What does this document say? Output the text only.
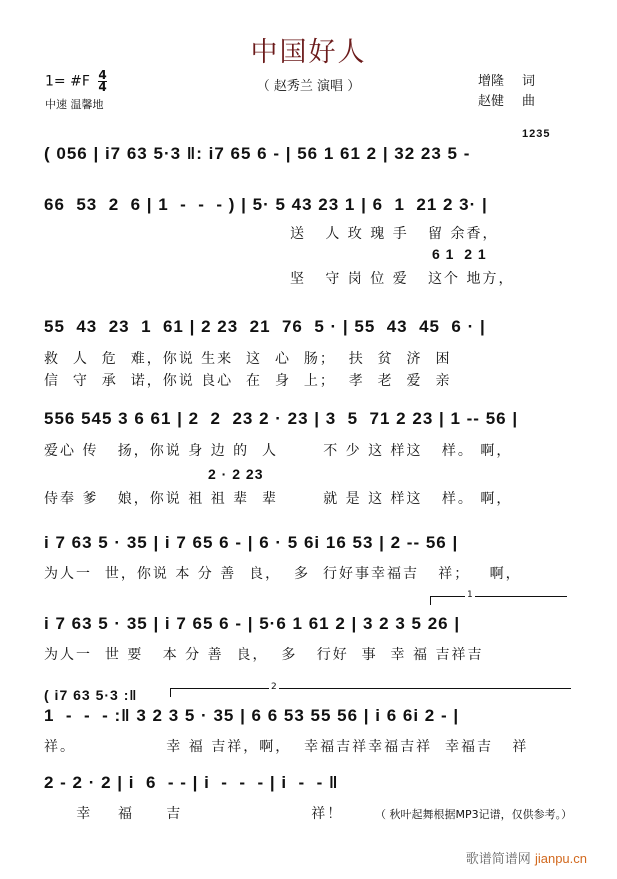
中国好人
1= #F $\frac{4}{4}$
中速 温馨地
（ 赵秀兰 演唱 ）	增隆 词
赵健 曲
( 056 | i7 63 5·3 ‖: i7 65 6 - | 56 1 61 2 | 32 23 5 -
1235
66  53  2  6 | 1  -  -  - ) | 5· 5 43 23 1 | 6  1  21 2 3· |
送   人 玫 瑰 手   留 余香，
6 1  2 1
坚   守 岗 位 爱   这个 地方，
55  43  23  1  61 | 2 23  21  76  5 · | 55  43  45  6 · |
救  人  危  难，你说 生来  这  心  肠；  扶  贫  济  困
信  守  承  诺，你说 良心  在  身  上；  孝  老  爱  亲
556 545 3 6 61 | 2  2  23 2 · 23 | 3  5  71 2 23 | 1 -- 56 |
爱心 传   扬，你说 身 边 的  人       不 少 这 样这   样。 啊，
2 · 2 23
侍奉 爹   娘，你说 祖 祖 辈  辈       就 是 这 样这   样。 啊，
i 7 63 5 · 35 | i 7 65 6 - | 6 · 5 6i 16 53 | 2 -- 56 |
为人一  世，你说 本 分 善  良，  多  行好事幸福吉   祥；   啊，
1
i 7 63 5 · 35 | i 7 65 6 - | 5·6 1 61 2 | 3 2 3 5 26 |
为人一  世 要   本 分 善  良，  多   行好  事  幸 福 吉祥吉
2
( i7 63 5·3 :‖
1  -  -  - :‖ 3 2 3 5 · 35 | 6 6 53 55 56 | i 6 6i 2 - |
祥。              幸 福 吉祥，啊，  幸福吉祥幸福吉祥  幸福吉   祥
2 - 2 · 2 | i  6  - - | i  -  -  - | i  -  - ‖
幸    福     吉                    祥！	（ 秋叶起舞根据MP3记谱，仅供参考。）
歌谱简谱网 jianpu.cn
